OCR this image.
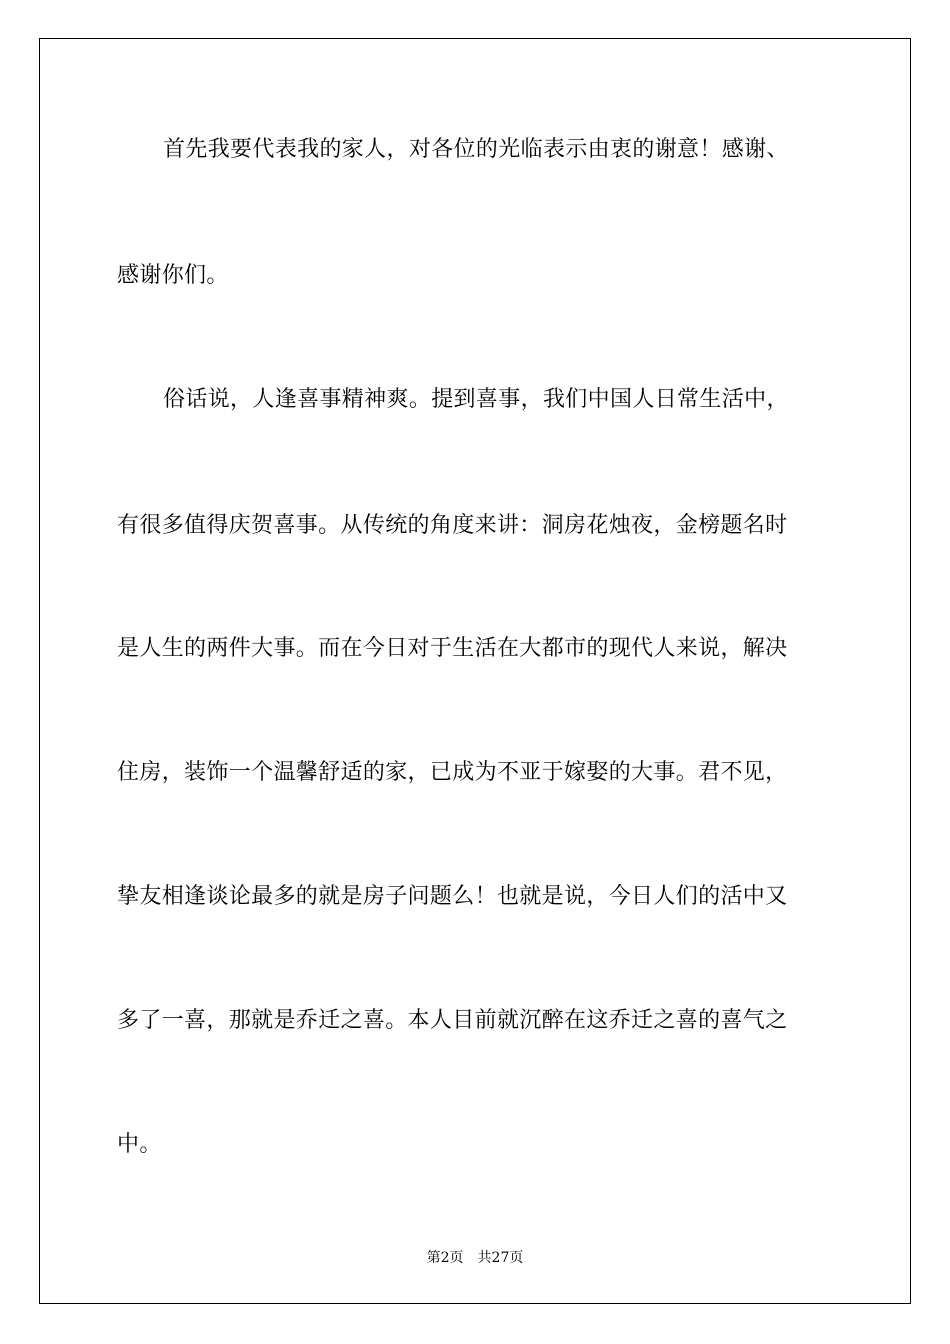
首先我要代表我的家人，对各位的光临表示由衷的谢意！感谢、
感谢你们。
俗话说，人逢喜事精神爽。提到喜事，我们中国人日常生活中，
有很多值得庆贺喜事。从传统的角度来讲：洞房花烛夜，金榜题名时
是人生的两件大事。而在今日对于生活在大都市的现代人来说，解决
住房，装饰一个温馨舒适的家，已成为不亚于嫁娶的大事。君不见，
挚友相逢谈论最多的就是房子问题么！也就是说，今日人们的活中又
多了一喜，那就是乔迁之喜。本人目前就沉醉在这乔迁之喜的喜气之
中。
第2页 共27页
